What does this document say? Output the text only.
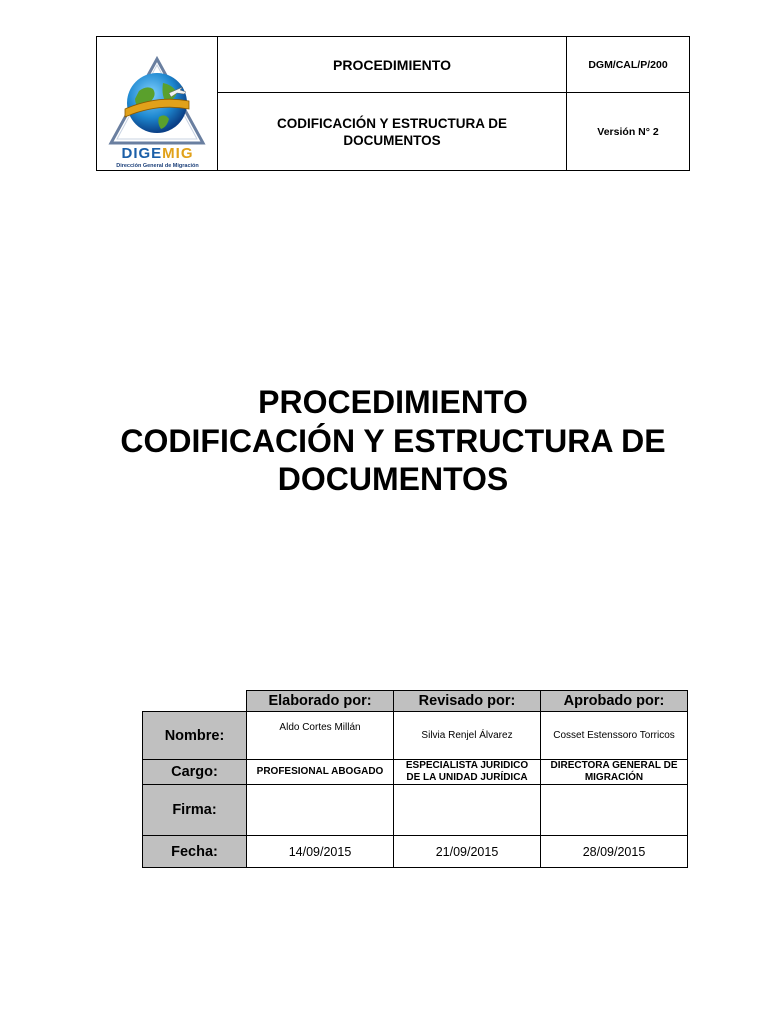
DIGEMIG
Dirección General de Migración
PROCEDIMIENTO	DGM/CAL/P/200
CODIFICACIÓN Y ESTRUCTURA DE DOCUMENTOS
Versión N° 2
PROCEDIMIENTO
CODIFICACIÓN Y ESTRUCTURA DE
DOCUMENTOS
	Elaborado por:	Revisado por:	Aprobado por:
Nombre:	Aldo Cortes Millán	Silvia Renjel Álvarez	Cosset Estenssoro Torricos
Cargo:	PROFESIONAL ABOGADO	ESPECIALISTA JURIDICO DE LA UNIDAD JURÍDICA	DIRECTORA GENERAL DE MIGRACIÓN
Firma:			
Fecha:	14/09/2015	21/09/2015	28/09/2015
